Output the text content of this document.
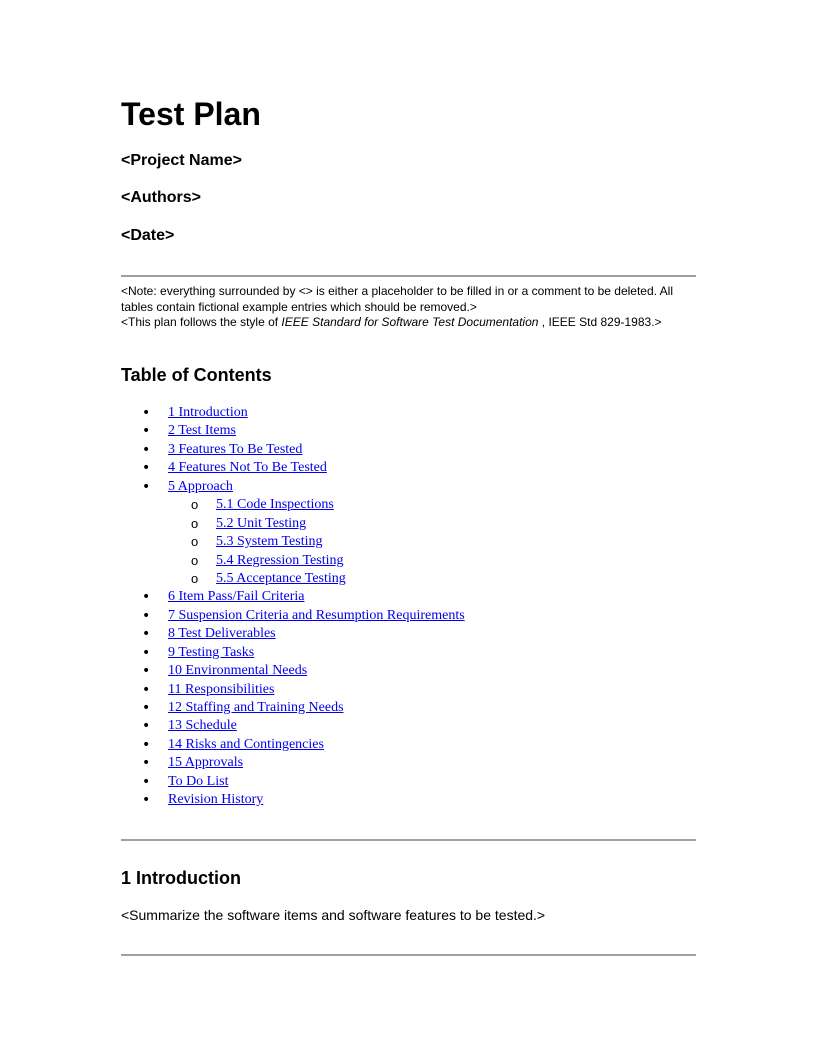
Test Plan

<Project Name>

<Authors>

<Date>

<Note: everything surrounded by <> is either a placeholder to be filled in or a comment to be deleted. All tables contain fictional example entries which should be removed.>
<This plan follows the style of IEEE Standard for Software Test Documentation , IEEE Std 829-1983.>
Table of Contents
• 1 Introduction
• 2 Test Items
• 3 Features To Be Tested
• 4 Features Not To Be Tested
• 5 Approach
o 5.1 Code Inspections
o 5.2 Unit Testing
o 5.3 System Testing
o 5.4 Regression Testing
o 5.5 Acceptance Testing
• 6 Item Pass/Fail Criteria
• 7 Suspension Criteria and Resumption Requirements
• 8 Test Deliverables
• 9 Testing Tasks
• 10 Environmental Needs
• 11 Responsibilities
• 12 Staffing and Training Needs
• 13 Schedule
• 14 Risks and Contingencies
• 15 Approvals
• To Do List
• Revision History
1 Introduction

<Summarize the software items and software features to be tested.>
